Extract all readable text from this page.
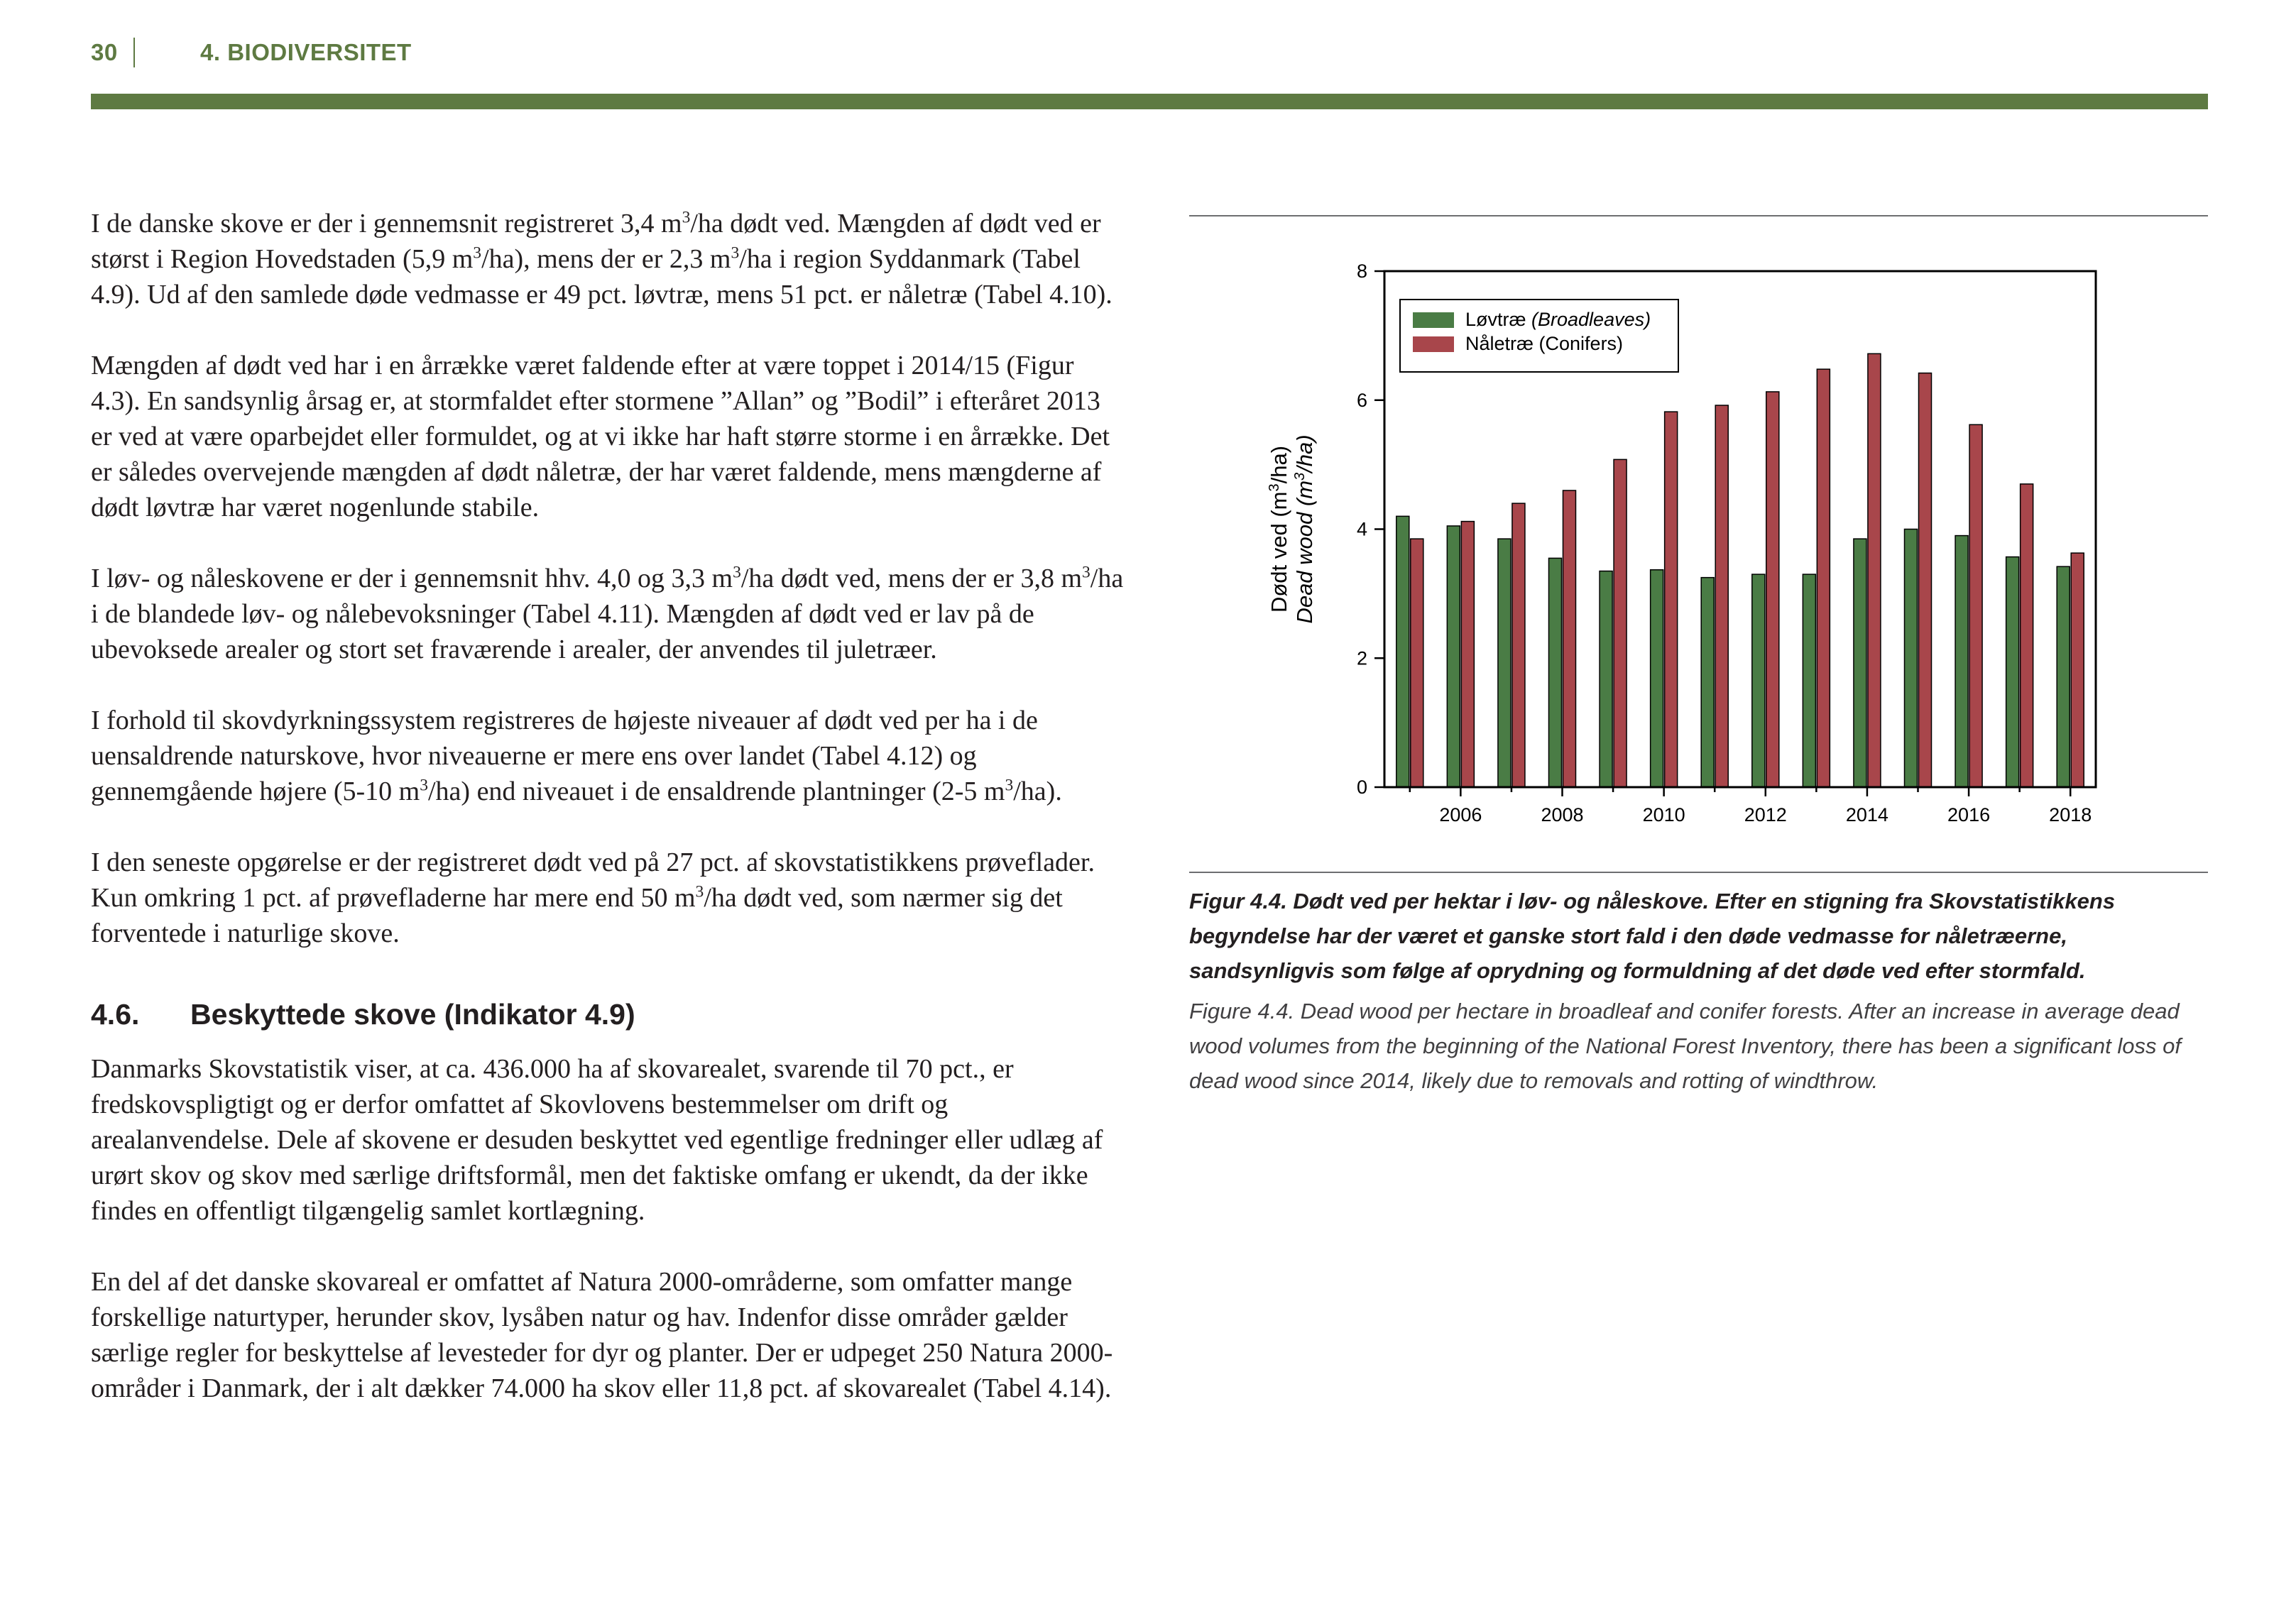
30	4. BIODIVERSITET

I de danske skove er der i gennemsnit registreret 3,4 $m^3/ha$ dødt ved. Mængden af dødt ved er størst i Region Hovedstaden (5,9 $m^3/ha$), mens der er 2,3 $m^3/ha$ i region Syddanmark (Tabel 4.9). Ud af den samlede døde vedmasse er 49 pct. løvtræ, mens 51 pct. er nåletræ (Tabel 4.10).

Mængden af dødt ved har i en årrække været faldende efter at være toppet i 2014/15 (Figur 4.3). En sandsynlig årsag er, at stormfaldet efter stormene ”Allan” og ”Bodil” i efteråret 2013 er ved at være oparbejdet eller formuldet, og at vi ikke har haft større storme i en årrække. Det er således overvejende mængden af dødt nåletræ, der har været faldende, mens mængderne af dødt løvtræ har været nogenlunde stabile.

I løv- og nåleskovene er der i gennemsnit hhv. 4,0 og 3,3 $m^3/ha$ dødt ved, mens der er 3,8 $m^3/ha$ i de blandede løv- og nålebevoksninger (Tabel 4.11). Mængden af dødt ved er lav på de ubevoksede arealer og stort set fraværende i arealer, der anvendes til juletræer.

I forhold til skovdyrkningssystem registreres de højeste niveauer af dødt ved per ha i de uensaldrende naturskove, hvor niveauerne er mere ens over landet (Tabel 4.12) og gennemgående højere (5-10 $m^3/ha$) end niveauet i de ensaldrende plantninger (2-5 $m^3/ha$).

I den seneste opgørelse er der registreret dødt ved på 27 pct. af skovstatistikkens prøveflader. Kun omkring 1 pct. af prøvefladerne har mere end 50 $m^3/ha$ dødt ved, som nærmer sig det forventede i naturlige skove.

4.6.	Beskyttede skove (Indikator 4.9)

Danmarks Skovstatistik viser, at ca. 436.000 ha af skovarealet, svarende til 70 pct., er fredskovspligtigt og er derfor omfattet af Skovlovens bestemmelser om drift og arealanvendelse. Dele af skovene er desuden beskyttet ved egentlige fredninger eller udlæg af urørt skov og skov med særlige driftsformål, men det faktiske omfang er ukendt, da der ikke findes en offentligt tilgængelig samlet kortlægning.

En del af det danske skovareal er omfattet af Natura 2000-områderne, som omfatter mange forskellige naturtyper, herunder skov, lysåben natur og hav. Indenfor disse områder gælder særlige regler for beskyttelse af levesteder for dyr og planter. Der er udpeget 250 Natura 2000-områder i Danmark, der i alt dækker 74.000 ha skov eller 11,8 pct. af skovarealet (Tabel 4.14).

0
2
4
6
8
2006	2008	2010	2012	2014	2016	2018
Dødt ved $(m^3/ha)$
Dead wood $(m^3/ha)$
Løvtræ (Broadleaves)
Nåletræ (Conifers)

Figur 4.4. Dødt ved per hektar i løv- og nåleskove. Efter en stigning fra Skovstatistikkens begyndelse har der været et ganske stort fald i den døde vedmasse for nåletræerne, sandsynligvis som følge af oprydning og formuldning af det døde ved efter stormfald.

Figure 4.4. Dead wood per hectare in broadleaf and conifer forests. After an increase in average dead wood volumes from the beginning of the National Forest Inventory, there has been a significant loss of dead wood since 2014, likely due to removals and rotting of windthrow.
